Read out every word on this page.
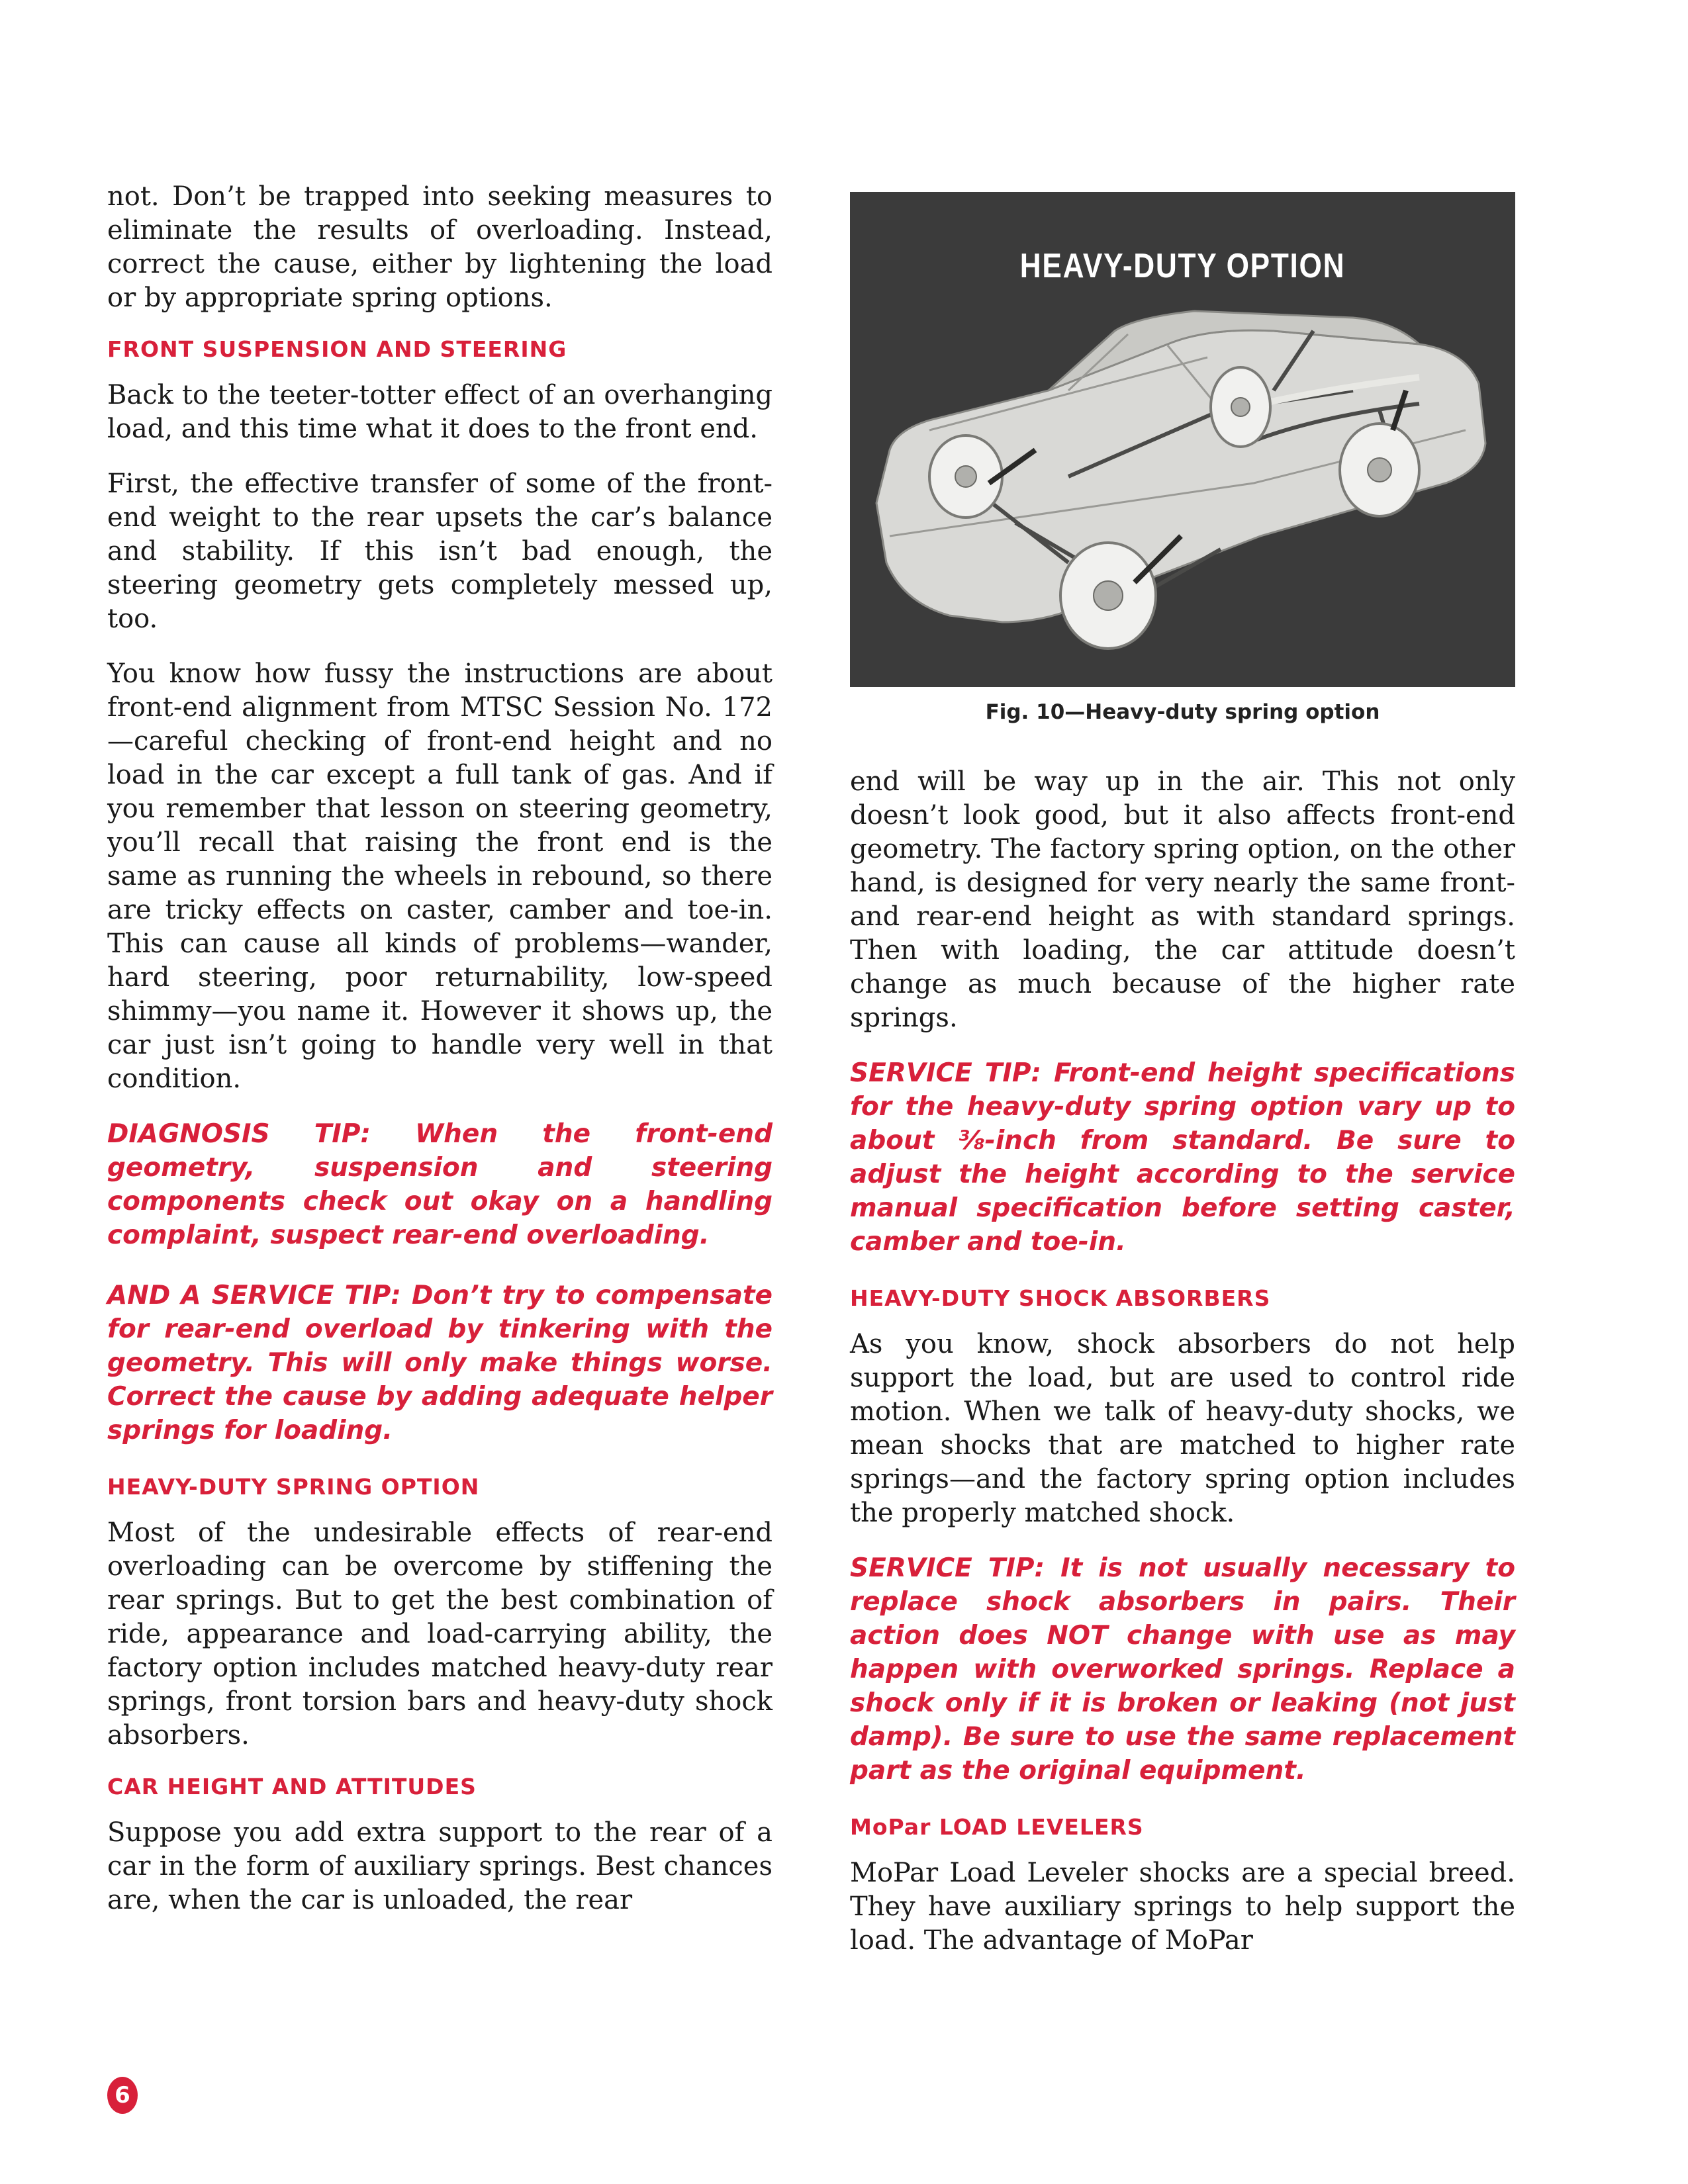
not. Don’t be trapped into seeking measures to eliminate the results of overloading. Instead, correct the cause, either by lightening the load or by appropriate spring options.

FRONT SUSPENSION AND STEERING

Back to the teeter-totter effect of an overhanging load, and this time what it does to the front end.

First, the effective transfer of some of the front-end weight to the rear upsets the car’s balance and stability. If this isn’t bad enough, the steering geometry gets completely messed up, too.

You know how fussy the instructions are about front-end alignment from MTSC Session No. 172—careful checking of front-end height and no load in the car except a full tank of gas. And if you remember that lesson on steering geometry, you’ll recall that raising the front end is the same as running the wheels in rebound, so there are tricky effects on caster, camber and toe-in. This can cause all kinds of problems—wander, hard steering, poor returnability, low-speed shimmy—you name it. However it shows up, the car just isn’t going to handle very well in that condition.

DIAGNOSIS TIP: When the front-end geometry, suspension and steering components check out okay on a handling complaint, suspect rear-end overloading.

AND A SERVICE TIP: Don’t try to compensate for rear-end overload by tinkering with the geometry. This will only make things worse. Correct the cause by adding adequate helper springs for loading.

HEAVY-DUTY SPRING OPTION

Most of the undesirable effects of rear-end overloading can be overcome by stiffening the rear springs. But to get the best combination of ride, appearance and load-carrying ability, the factory option includes matched heavy-duty rear springs, front torsion bars and heavy-duty shock absorbers.

CAR HEIGHT AND ATTITUDES

Suppose you add extra support to the rear of a car in the form of auxiliary springs. Best chances are, when the car is unloaded, the rear

HEAVY-DUTY OPTION
Fig. 10—Heavy-duty spring option

end will be way up in the air. This not only doesn’t look good, but it also affects front-end geometry. The factory spring option, on the other hand, is designed for very nearly the same front- and rear-end height as with standard springs. Then with loading, the car attitude doesn’t change as much because of the higher rate springs.

SERVICE TIP: Front-end height specifications for the heavy-duty spring option vary up to about ⅜-inch from standard. Be sure to adjust the height according to the service manual specification before setting caster, camber and toe-in.

HEAVY-DUTY SHOCK ABSORBERS

As you know, shock absorbers do not help support the load, but are used to control ride motion. When we talk of heavy-duty shocks, we mean shocks that are matched to higher rate springs—and the factory spring option includes the properly matched shock.

SERVICE TIP: It is not usually necessary to replace shock absorbers in pairs. Their action does NOT change with use as may happen with overworked springs. Replace a shock only if it is broken or leaking (not just damp). Be sure to use the same replacement part as the original equipment.

MoPar LOAD LEVELERS

MoPar Load Leveler shocks are a special breed. They have auxiliary springs to help support the load. The advantage of MoPar

6
